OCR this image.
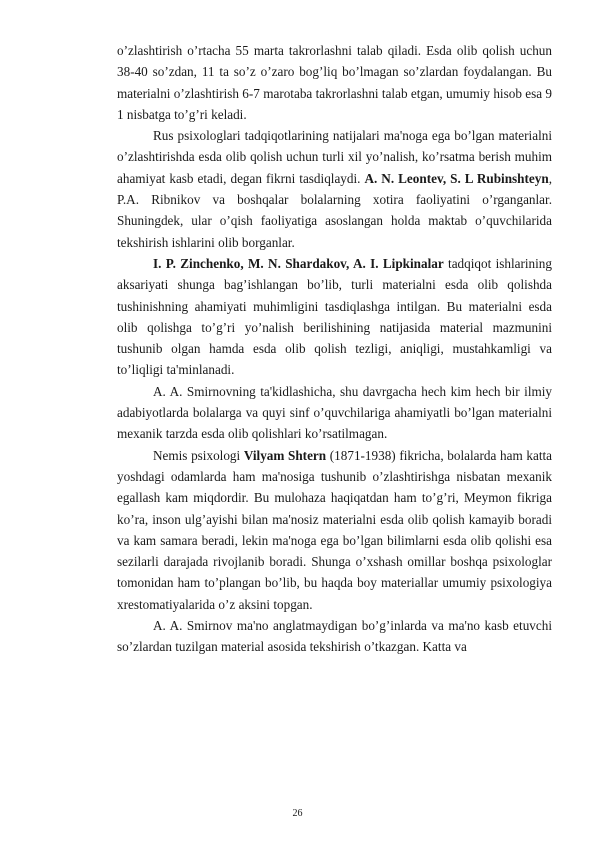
o’zlashtirish o’rtacha 55 marta takrorlashni talab qiladi. Esda olib qolish uchun 38-40 so’zdan, 11 ta so’z o’zaro bog’liq bo’lmagan so’zlardan foydalangan. Bu materialni o’zlashtirish 6-7 marotaba takrorlashni talab etgan, umumiy hisob esa 9 1 nisbatga to’g’ri keladi.

Rus psixologlari tadqiqotlarining natijalari ma'noga ega bo’lgan materialni o’zlashtirishda esda olib qolish uchun turli xil yo’nalish, ko’rsatma berish muhim ahamiyat kasb etadi, degan fikrni tasdiqlaydi. A. N. Leontev, S. L Rubinshteyn, P.A. Ribnikov va boshqalar bolalarning xotira faoliyatini o’rganganlar. Shuningdek, ular o’qish faoliyatiga asoslangan holda maktab o’quvchilarida tekshirish ishlarini olib borganlar.

I. P. Zinchenko, M. N. Shardakov, A. I. Lipkinalar tadqiqot ishlarining aksariyati shunga bag’ishlangan bo’lib, turli materialni esda olib qolishda tushinishning ahamiyati muhimligini tasdiqlashga intilgan. Bu materialni esda olib qolishga to’g’ri yo’nalish berilishining natijasida material mazmunini tushunib olgan hamda esda olib qolish tezligi, aniqligi, mustahkamligi va to’liqligi ta'minlanadi.

A. A. Smirnovning ta'kidlashicha, shu davrgacha hech kim hech bir ilmiy adabiyotlarda bolalarga va quyi sinf o’quvchilariga ahamiyatli bo’lgan materialni mexanik tarzda esda olib qolishlari ko’rsatilmagan.

Nemis psixologi Vilyam Shtern (1871-1938) fikricha, bolalarda ham katta yoshdagi odamlarda ham ma'nosiga tushunib o’zlashtirishga nisbatan mexanik egallash kam miqdordir. Bu mulohaza haqiqatdan ham to’g’ri, Meymon fikriga ko’ra, inson ulg’ayishi bilan ma'nosiz materialni esda olib qolish kamayib boradi va kam samara beradi, lekin ma'noga ega bo’lgan bilimlarni esda olib qolishi esa sezilarli darajada rivojlanib boradi. Shunga o’xshash omillar boshqa psixologlar tomonidan ham to’plangan bo’lib, bu haqda boy materiallar umumiy psixologiya xrestomatiyalarida o’z aksini topgan.

A. A. Smirnov ma'no anglatmaydigan bo’g’inlarda va ma'no kasb etuvchi so’zlardan tuzilgan material asosida tekshirish o’tkazgan. Katta va

26
